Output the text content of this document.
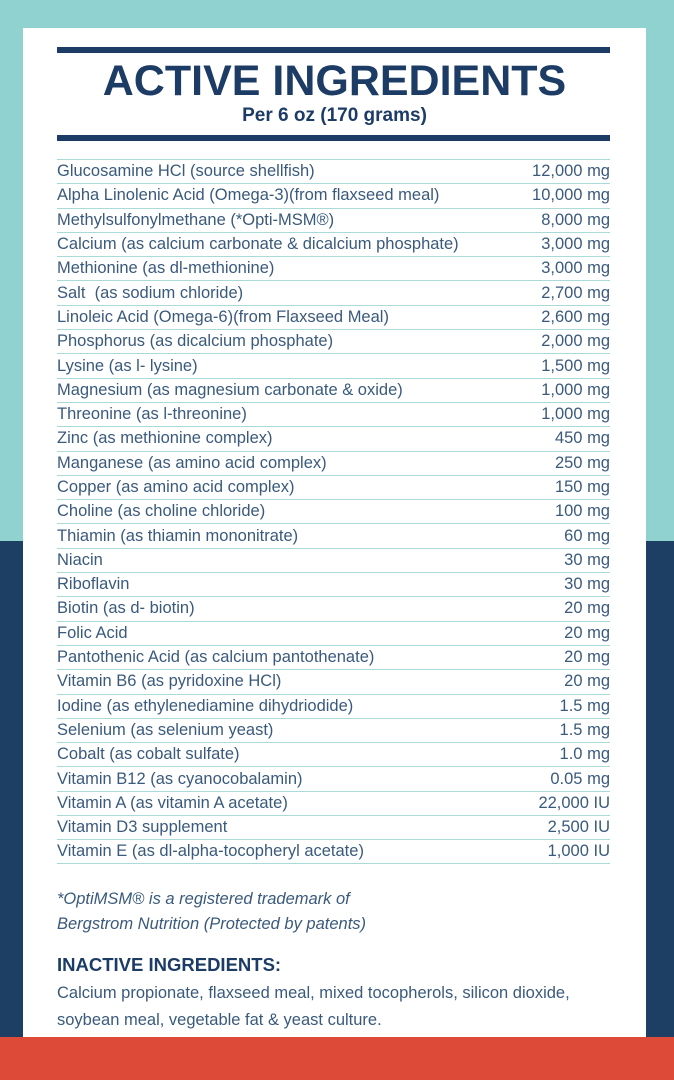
ACTIVE INGREDIENTS
Per 6 oz (170 grams)
Glucosamine HCl (source shellfish)	12,000 mg
Alpha Linolenic Acid (Omega-3)(from flaxseed meal)	10,000 mg
Methylsulfonylmethane (*Opti-MSM®)	8,000 mg
Calcium (as calcium carbonate & dicalcium phosphate)	3,000 mg
Methionine (as dl-methionine)	3,000 mg
Salt  (as sodium chloride)	2,700 mg
Linoleic Acid (Omega-6)(from Flaxseed Meal)	2,600 mg
Phosphorus (as dicalcium phosphate)	2,000 mg
Lysine (as l- lysine)	1,500 mg
Magnesium (as magnesium carbonate & oxide)	1,000 mg
Threonine (as l-threonine)	1,000 mg
Zinc (as methionine complex)	450 mg
Manganese (as amino acid complex)	250 mg
Copper (as amino acid complex)	150 mg
Choline (as choline chloride)	100 mg
Thiamin (as thiamin mononitrate)	60 mg
Niacin	30 mg
Riboflavin	30 mg
Biotin (as d- biotin)	20 mg
Folic Acid	20 mg
Pantothenic Acid (as calcium pantothenate)	20 mg
Vitamin B6 (as pyridoxine HCl)	20 mg
Iodine (as ethylenediamine dihydriodide)	1.5 mg
Selenium (as selenium yeast)	1.5 mg
Cobalt (as cobalt sulfate)	1.0 mg
Vitamin B12 (as cyanocobalamin)	0.05 mg
Vitamin A (as vitamin A acetate)	22,000 IU
Vitamin D3 supplement	2,500 IU
Vitamin E (as dl-alpha-tocopheryl acetate)	1,000 IU
*OptiMSM® is a registered trademark of
Bergstrom Nutrition (Protected by patents)
INACTIVE INGREDIENTS:
Calcium propionate, flaxseed meal, mixed tocopherols, silicon dioxide, soybean meal, vegetable fat & yeast culture.
